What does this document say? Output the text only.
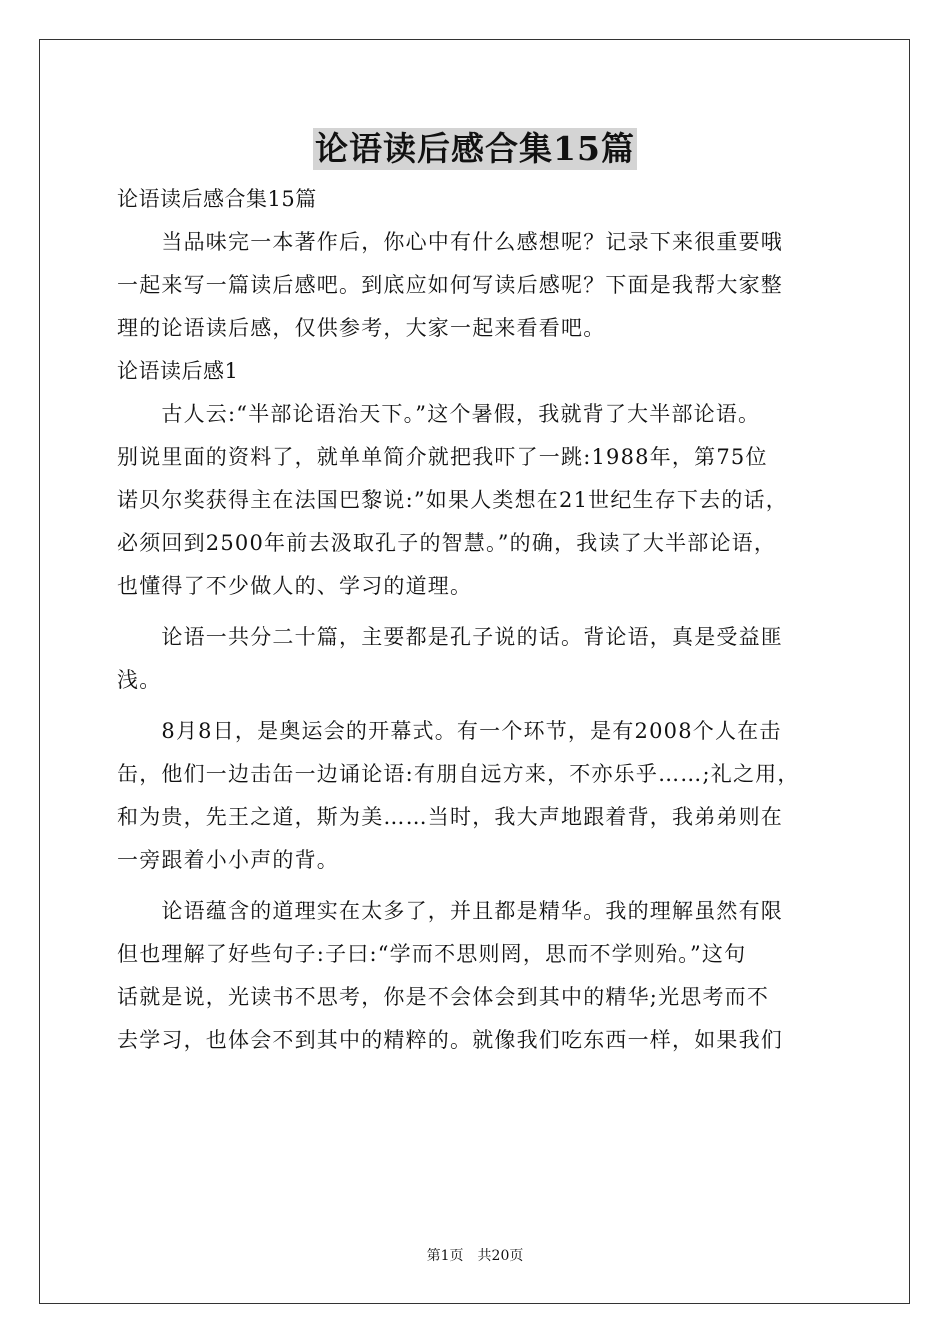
论语读后感合集15篇
论语读后感合集15篇
　　当品味完一本著作后，你心中有什么感想呢？记录下来很重要哦
一起来写一篇读后感吧。到底应如何写读后感呢？下面是我帮大家整
理的论语读后感，仅供参考，大家一起来看看吧。
论语读后感1
　　古人云:“半部论语治天下。”这个暑假，我就背了大半部论语。
别说里面的资料了，就单单简介就把我吓了一跳:1988年，第75位
诺贝尔奖获得主在法国巴黎说:”如果人类想在21世纪生存下去的话，
必须回到2500年前去汲取孔子的智慧。”的确，我读了大半部论语，
也懂得了不少做人的、学习的道理。
　　论语一共分二十篇，主要都是孔子说的话。背论语，真是受益匪
浅。
　　8月8日，是奥运会的开幕式。有一个环节，是有2008个人在击
缶，他们一边击缶一边诵论语:有朋自远方来，不亦乐乎……;礼之用，
和为贵，先王之道，斯为美……当时，我大声地跟着背，我弟弟则在
一旁跟着小小声的背。
　　论语蕴含的道理实在太多了，并且都是精华。我的理解虽然有限
但也理解了好些句子:子曰:“学而不思则罔，思而不学则殆。”这句
话就是说，光读书不思考，你是不会体会到其中的精华;光思考而不
去学习，也体会不到其中的精粹的。就像我们吃东西一样，如果我们
第1页　共20页
